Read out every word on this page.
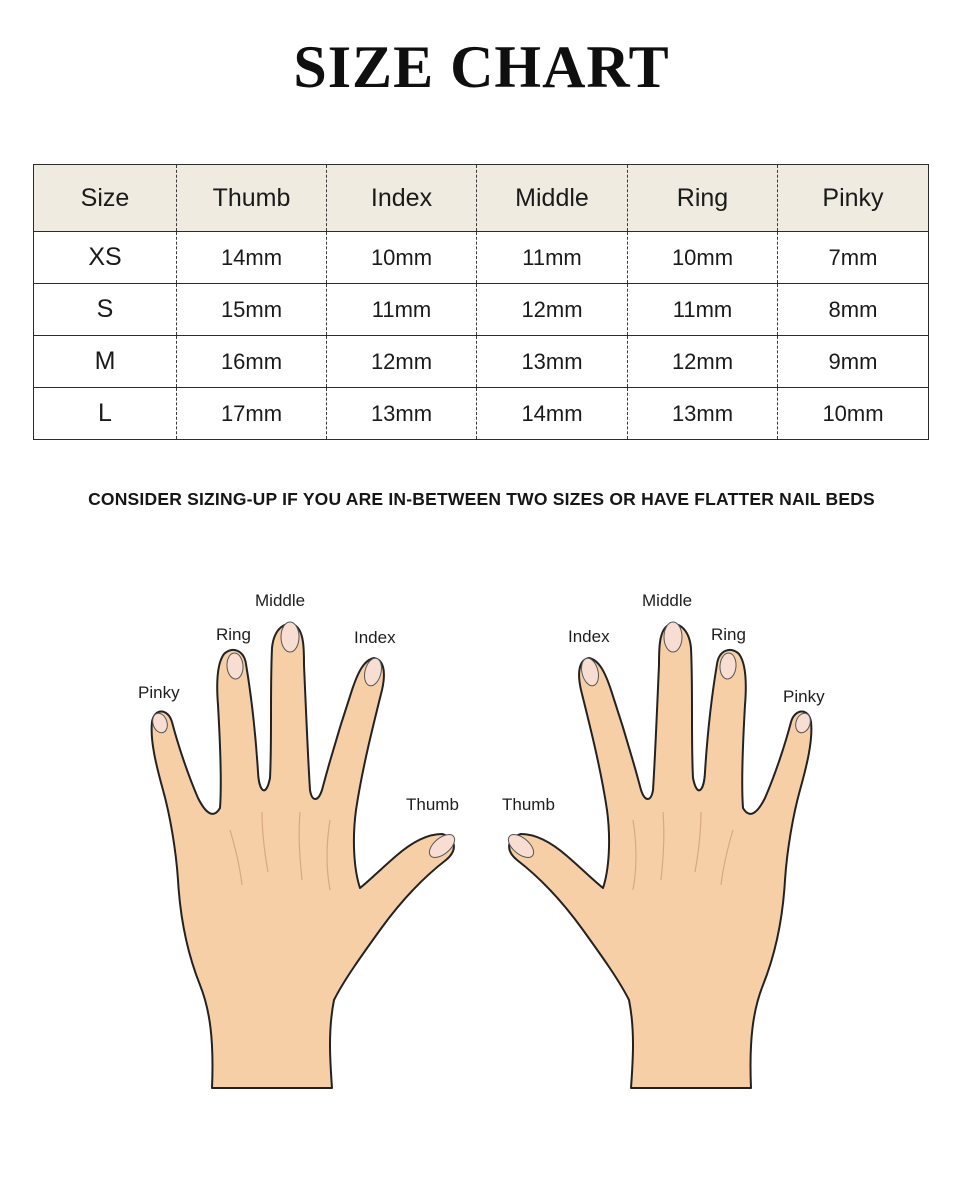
SIZE CHART
Size	Thumb	Index	Middle	Ring	Pinky
XS	14mm	10mm	11mm	10mm	7mm
S	15mm	11mm	12mm	11mm	8mm
M	16mm	12mm	13mm	12mm	9mm
L	17mm	13mm	14mm	13mm	10mm
CONSIDER SIZING-UP IF YOU ARE IN-BETWEEN TWO SIZES OR HAVE FLATTER NAIL BEDS
Pinky
Ring
Middle
Index
Thumb
Index
Middle
Ring
Pinky
Thumb
